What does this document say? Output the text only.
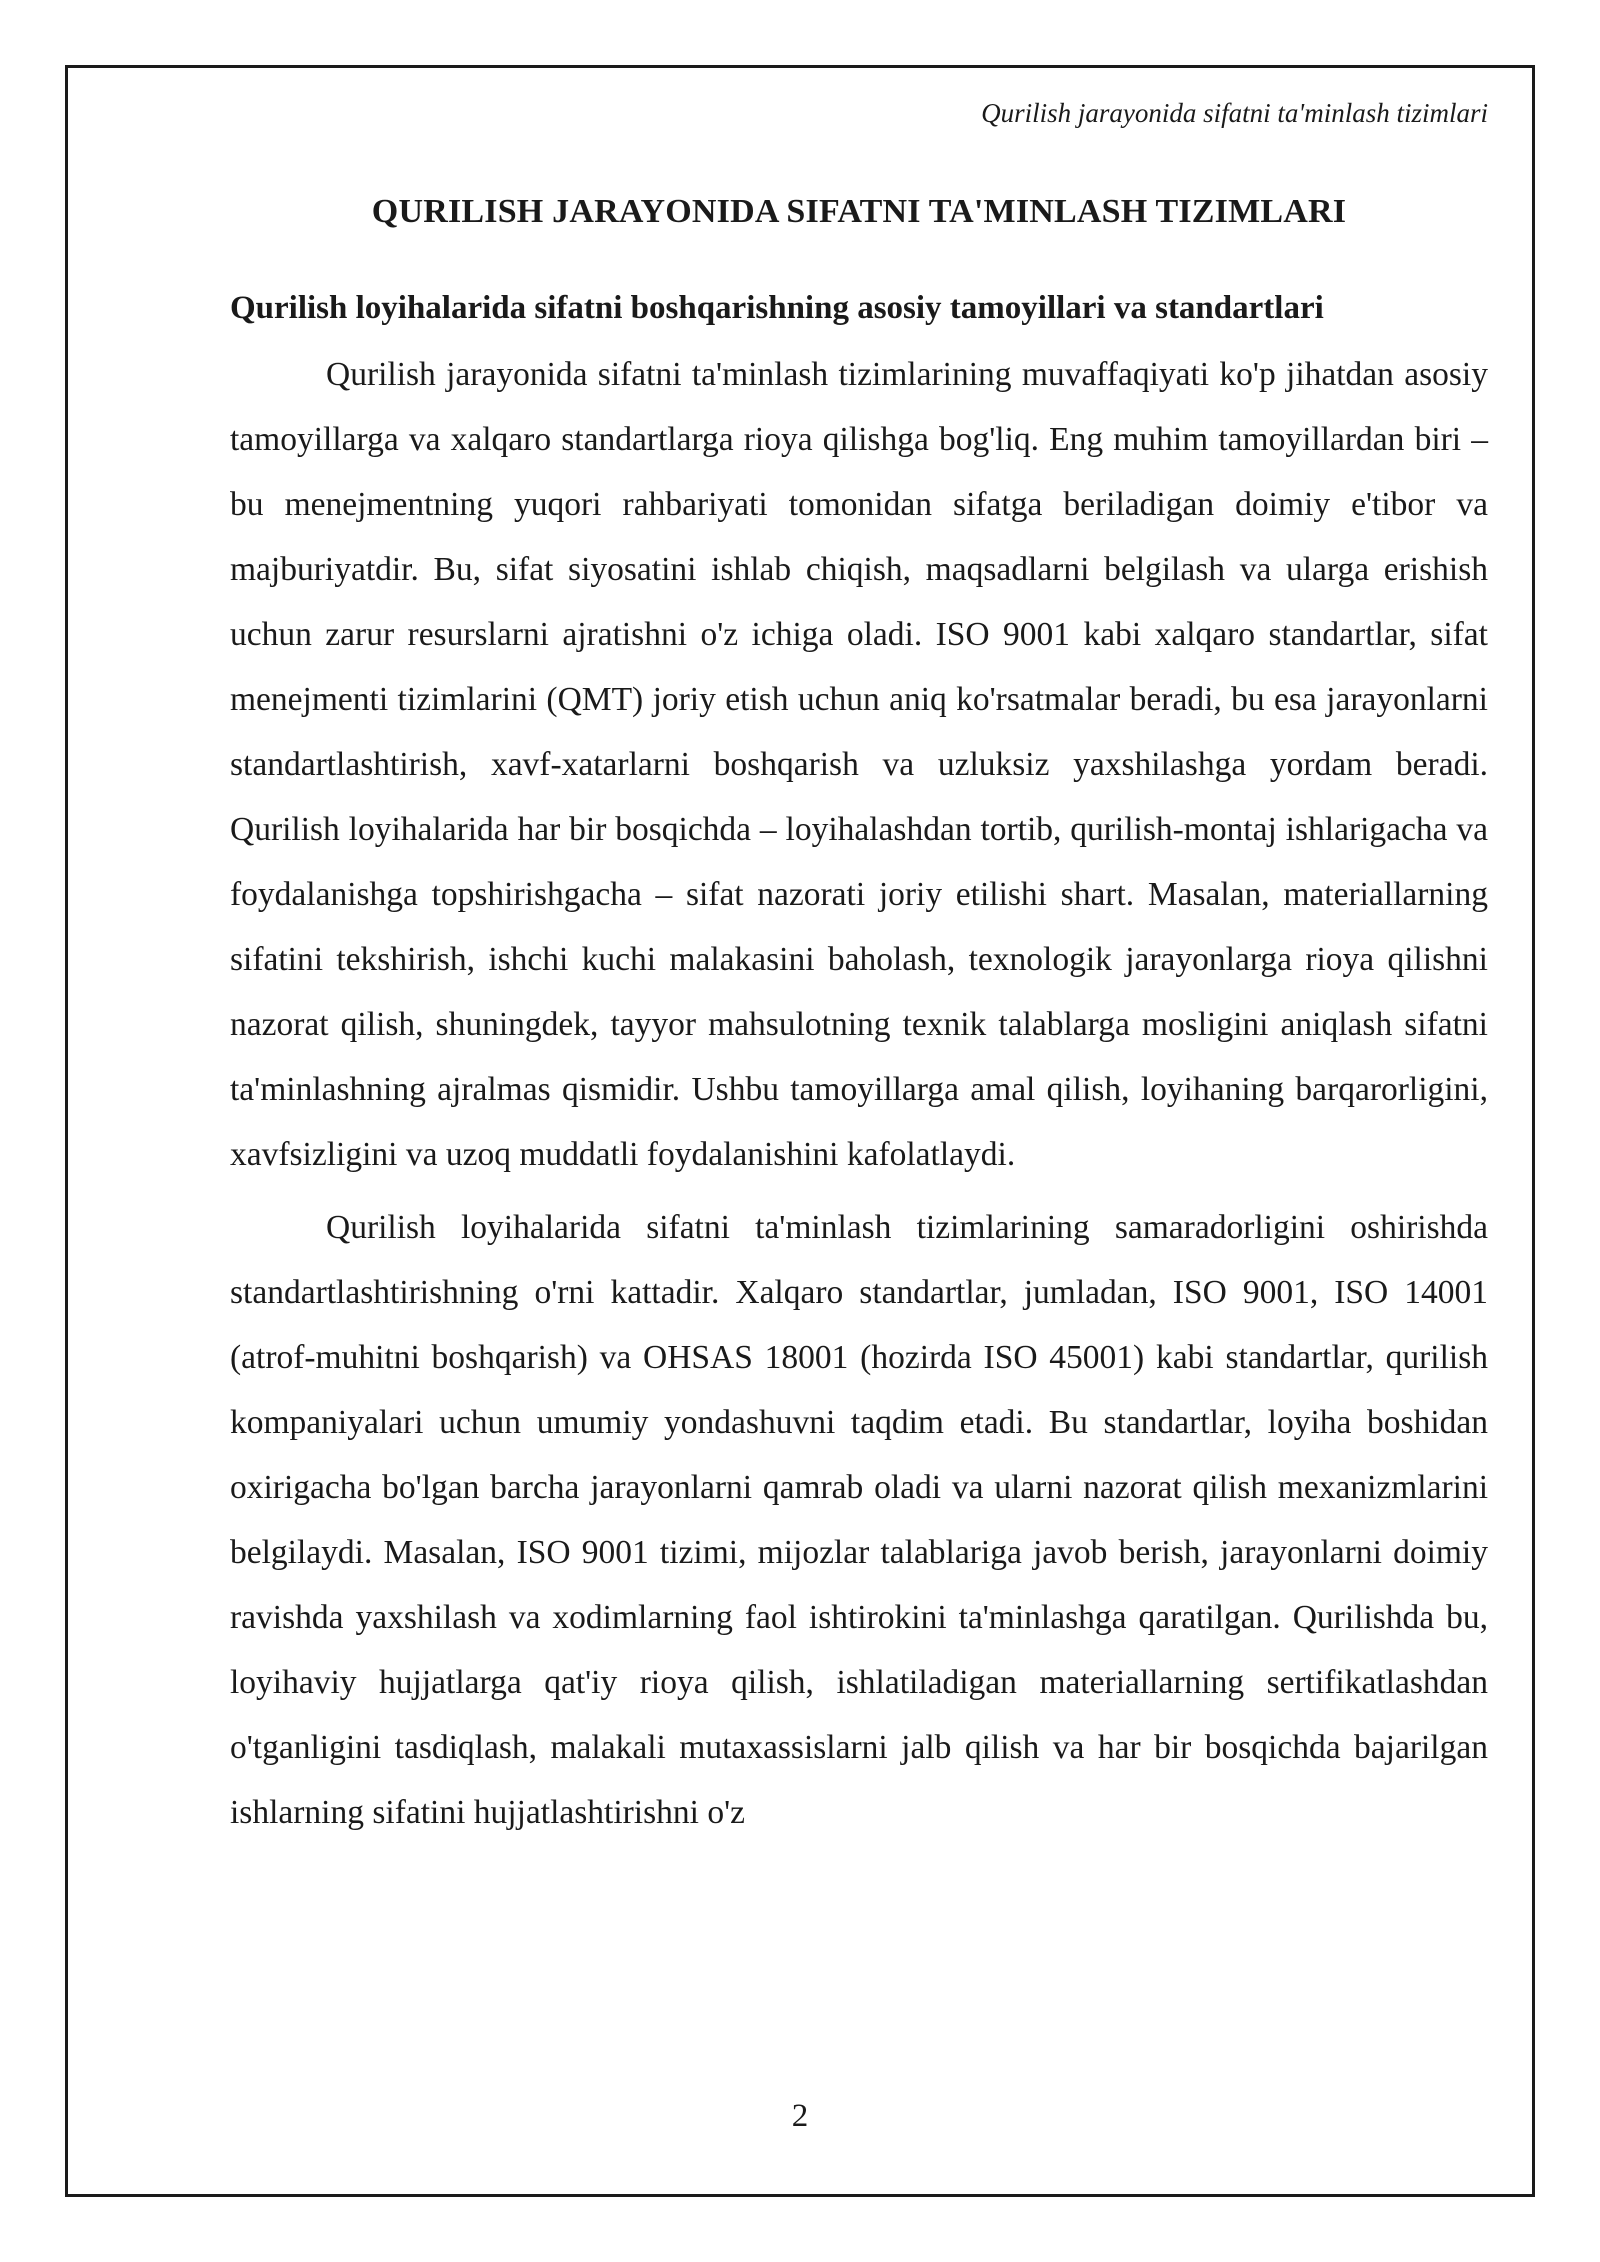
Qurilish jarayonida sifatni ta'minlash tizimlari
QURILISH JARAYONIDA SIFATNI TA'MINLASH TIZIMLARI
Qurilish loyihalarida sifatni boshqarishning asosiy tamoyillari va standartlari

Qurilish jarayonida sifatni ta'minlash tizimlarining muvaffaqiyati ko'p jihatdan asosiy tamoyillarga va xalqaro standartlarga rioya qilishga bog'liq. Eng muhim tamoyillardan biri – bu menejmentning yuqori rahbariyati tomonidan sifatga beriladigan doimiy e'tibor va majburiyatdir. Bu, sifat siyosatini ishlab chiqish, maqsadlarni belgilash va ularga erishish uchun zarur resurslarni ajratishni o'z ichiga oladi. ISO 9001 kabi xalqaro standartlar, sifat menejmenti tizimlarini (QMT) joriy etish uchun aniq ko'rsatmalar beradi, bu esa jarayonlarni standartlashtirish, xavf-xatarlarni boshqarish va uzluksiz yaxshilashga yordam beradi. Qurilish loyihalarida har bir bosqichda – loyihalashdan tortib, qurilish-montaj ishlarigacha va foydalanishga topshirishgacha – sifat nazorati joriy etilishi shart. Masalan, materiallarning sifatini tekshirish, ishchi kuchi malakasini baholash, texnologik jarayonlarga rioya qilishni nazorat qilish, shuningdek, tayyor mahsulotning texnik talablarga mosligini aniqlash sifatni ta'minlashning ajralmas qismidir. Ushbu tamoyillarga amal qilish, loyihaning barqarorligini, xavfsizligini va uzoq muddatli foydalanishini kafolatlaydi.

Qurilish loyihalarida sifatni ta'minlash tizimlarining samaradorligini oshirishda standartlashtirishning o'rni kattadir. Xalqaro standartlar, jumladan, ISO 9001, ISO 14001 (atrof-muhitni boshqarish) va OHSAS 18001 (hozirda ISO 45001) kabi standartlar, qurilish kompaniyalari uchun umumiy yondashuvni taqdim etadi. Bu standartlar, loyiha boshidan oxirigacha bo'lgan barcha jarayonlarni qamrab oladi va ularni nazorat qilish mexanizmlarini belgilaydi. Masalan, ISO 9001 tizimi, mijozlar talablariga javob berish, jarayonlarni doimiy ravishda yaxshilash va xodimlarning faol ishtirokini ta'minlashga qaratilgan. Qurilishda bu, loyihaviy hujjatlarga qat'iy rioya qilish, ishlatiladigan materiallarning sertifikatlashdan o'tganligini tasdiqlash, malakali mutaxassislarni jalb qilish va har bir bosqichda bajarilgan ishlarning sifatini hujjatlashtirishni o'z

2
